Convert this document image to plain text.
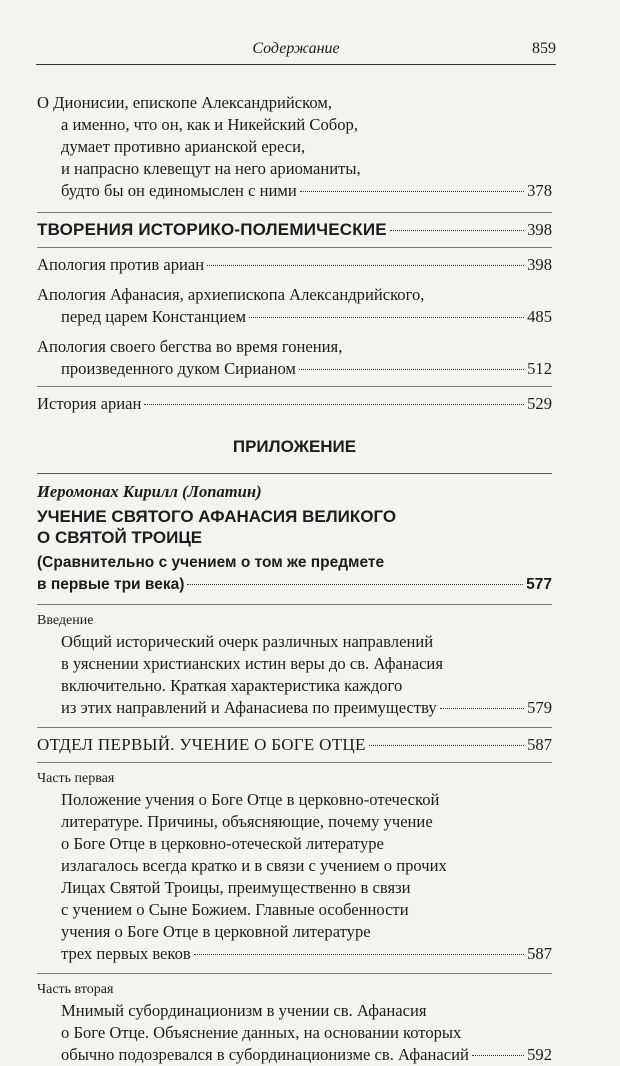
Содержание	859
О Дионисии, епископе Александрийском,
а именно, что он, как и Никейский Собор,
думает противно арианской ереси,
и напрасно клевещут на него ариоманиты,
будто бы он единомыслен с ними	378
ТВОРЕНИЯ ИСТОРИКО-ПОЛЕМИЧЕСКИЕ	398
Апология против ариан	398
Апология Афанасия, архиепископа Александрийского,
перед царем Констанцием	485
Апология своего бегства во время гонения,
произведенного дуком Сирианом	512
История ариан	529
ПРИЛОЖЕНИЕ
Иеромонах Кирилл (Лопатин)
УЧЕНИЕ СВЯТОГО АФАНАСИЯ ВЕЛИКОГО
О СВЯТОЙ ТРОИЦЕ
(Сравнительно с учением о том же предмете
в первые три века)	577
Введение
Общий исторический очерк различных направлений
в уяснении христианских истин веры до св. Афанасия
включительно. Краткая характеристика каждого
из этих направлений и Афанасиева по преимуществу	579
ОТДЕЛ ПЕРВЫЙ. УЧЕНИЕ О БОГЕ ОТЦЕ	587
Часть первая
Положение учения о Боге Отце в церковно-отеческой
литературе. Причины, объясняющие, почему учение
о Боге Отце в церковно-отеческой литературе
излагалось всегда кратко и в связи с учением о прочих
Лицах Святой Троицы, преимущественно в связи
с учением о Сыне Божием. Главные особенности
учения о Боге Отце в церковной литературе
трех первых веков	587
Часть вторая
Мнимый субординационизм в учении св. Афанасия
о Боге Отце. Объяснение данных, на основании которых
обычно подозревался в субординационизме св. Афанасий	592
